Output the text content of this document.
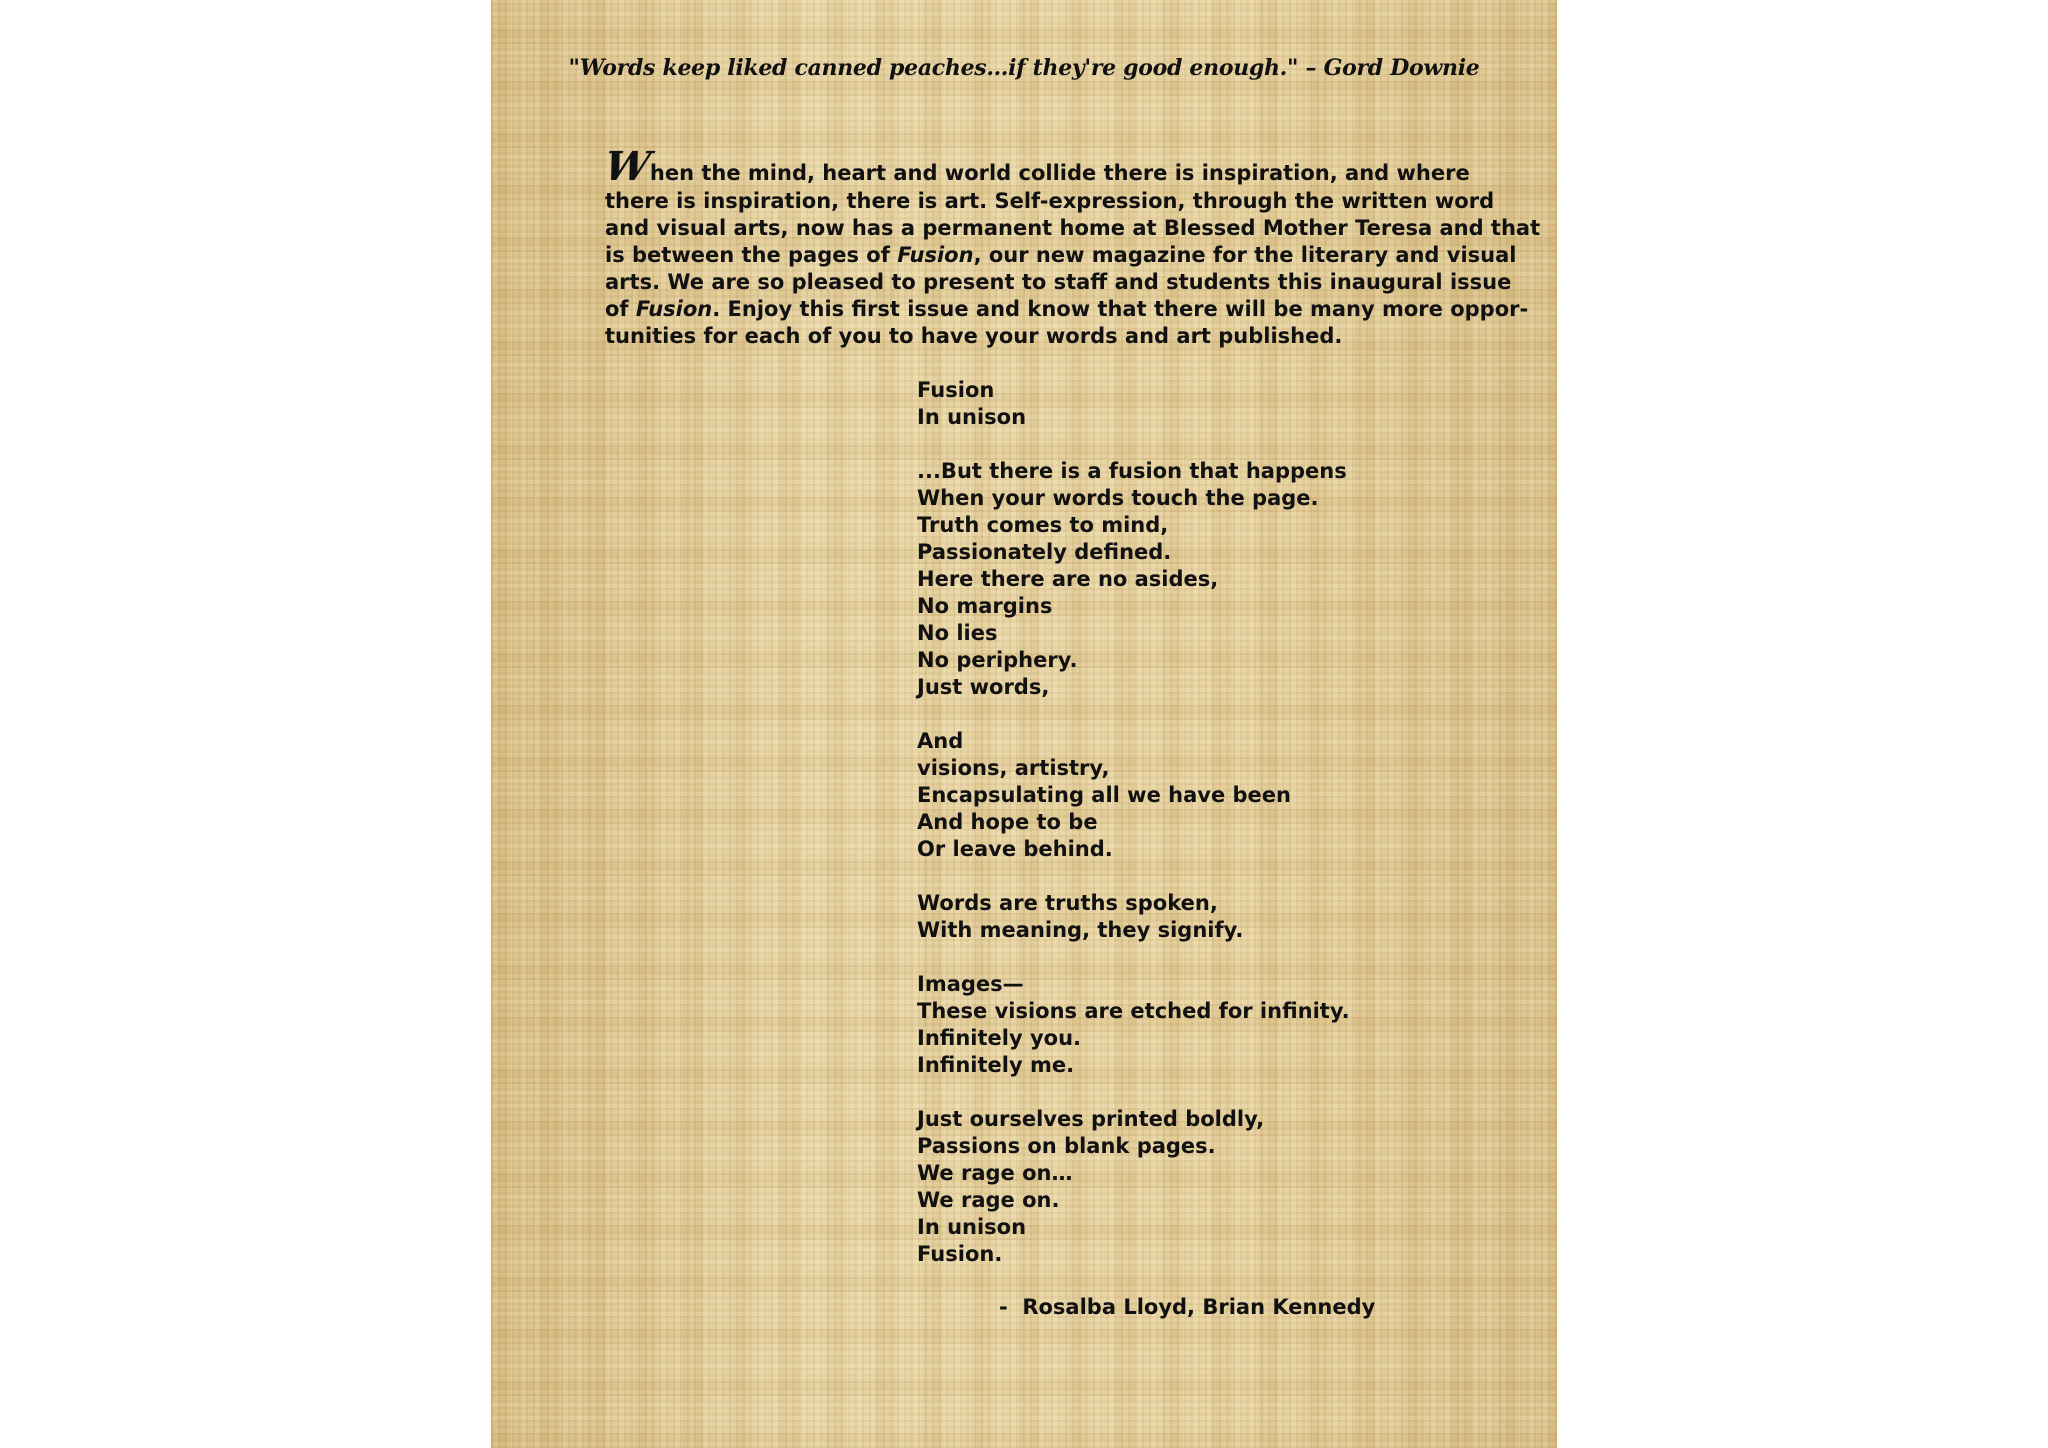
"Words keep liked canned peaches…if they're good enough." – Gord Downie
When the mind, heart and world collide there is inspiration, and where
there is inspiration, there is art. Self-expression, through the written word
and visual arts, now has a permanent home at Blessed Mother Teresa and that
is between the pages of Fusion, our new magazine for the literary and visual
arts. We are so pleased to present to staff and students this inaugural issue
of Fusion. Enjoy this first issue and know that there will be many more oppor-
tunities for each of you to have your words and art published.
Fusion
In unison
...But there is a fusion that happens
When your words touch the page.
Truth comes to mind,
Passionately defined.
Here there are no asides,
No margins
No lies
No periphery.
Just words,
And
visions, artistry,
Encapsulating all we have been
And hope to be
Or leave behind.
Words are truths spoken,
With meaning, they signify.
Images—
These visions are etched for infinity.
Infinitely you.
Infinitely me.
Just ourselves printed boldly,
Passions on blank pages.
We rage on…
We rage on.
In unison
Fusion.
-  Rosalba Lloyd, Brian Kennedy
